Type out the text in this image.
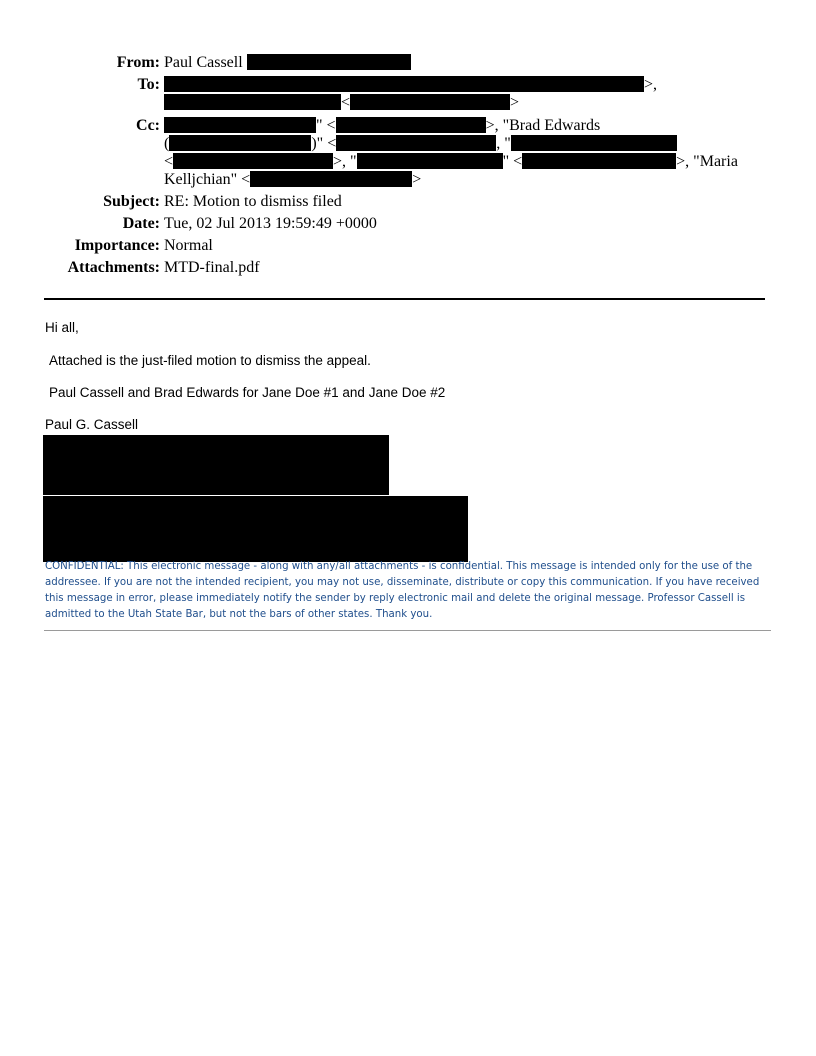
From: Paul Cassell
To:	>,
<	>
Cc:	" <	>, "Brad Edwards
(	)" <	, "
<	>, "	" <	>, "Maria
Kelljchian" <	>
Subject: RE: Motion to dismiss filed
Date: Tue, 02 Jul 2013 19:59:49 +0000
Importance: Normal
Attachments: MTD-final.pdf
Hi all,
Attached is the just-filed motion to dismiss the appeal.
Paul Cassell and Brad Edwards for Jane Doe #1 and Jane Doe #2
Paul G. Cassell
CONFIDENTIAL: This electronic message - along with any/all attachments - is confidential. This message is intended only for the use of the addressee. If you are not the intended recipient, you may not use, disseminate, distribute or copy this communication. If you have received this message in error, please immediately notify the sender by reply electronic mail and delete the original message. Professor Cassell is admitted to the Utah State Bar, but not the bars of other states. Thank you.
